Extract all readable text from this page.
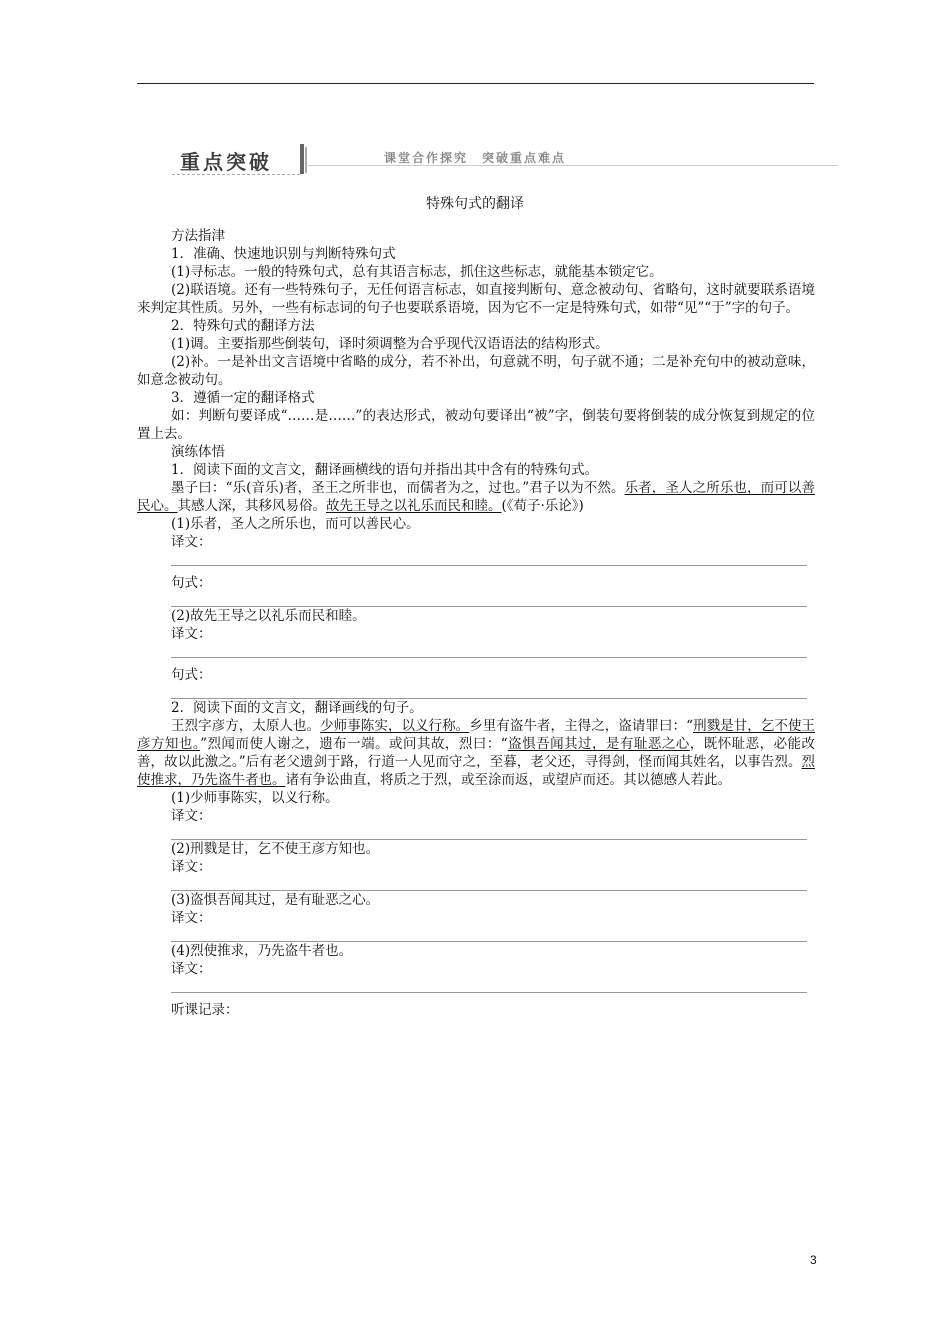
重点突破	课堂合作探究　突破重点难点
特殊句式的翻译

方法指津

1．准确、快速地识别与判断特殊句式

(1)寻标志。一般的特殊句式，总有其语言标志，抓住这些标志，就能基本锁定它。

(2)联语境。还有一些特殊句子，无任何语言标志，如直接判断句、意念被动句、省略句，这时就要联系语境来判定其性质。另外，一些有标志词的句子也要联系语境，因为它不一定是特殊句式，如带“见”“于”字的句子。

2．特殊句式的翻译方法

(1)调。主要指那些倒装句，译时须调整为合乎现代汉语语法的结构形式。

(2)补。一是补出文言语境中省略的成分，若不补出，句意就不明，句子就不通；二是补充句中的被动意味，如意念被动句。

3．遵循一定的翻译格式

如：判断句要译成“……是……”的表达形式，被动句要译出“被”字，倒装句要将倒装的成分恢复到规定的位置上去。

演练体悟

1．阅读下面的文言文，翻译画横线的语句并指出其中含有的特殊句式。

墨子曰：“乐(音乐)者，圣王之所非也，而儒者为之，过也。”君子以为不然。乐者，圣人之所乐也，而可以善民心。其感人深，其移风易俗。故先王导之以礼乐而民和睦。(《荀子·乐论》)

(1)乐者，圣人之所乐也，而可以善民心。

译文：

句式：

(2)故先王导之以礼乐而民和睦。

译文：

句式：

2．阅读下面的文言文，翻译画线的句子。

王烈字彦方，太原人也。少师事陈实，以义行称。乡里有盗牛者，主得之，盗请罪曰：“刑戮是甘，乞不使王彦方知也。”烈闻而使人谢之，遗布一端。或问其故，烈曰：“盗惧吾闻其过，是有耻恶之心，既怀耻恶，必能改善，故以此激之。”后有老父遗剑于路，行道一人见而守之，至暮，老父还，寻得剑，怪而闻其姓名，以事告烈。烈使推求，乃先盗牛者也。诸有争讼曲直，将质之于烈，或至涂而返，或望庐而还。其以德感人若此。

(1)少师事陈实，以义行称。

译文：

(2)刑戮是甘，乞不使王彦方知也。

译文：

(3)盗惧吾闻其过，是有耻恶之心。

译文：

(4)烈使推求，乃先盗牛者也。

译文：

听课记录：

3
